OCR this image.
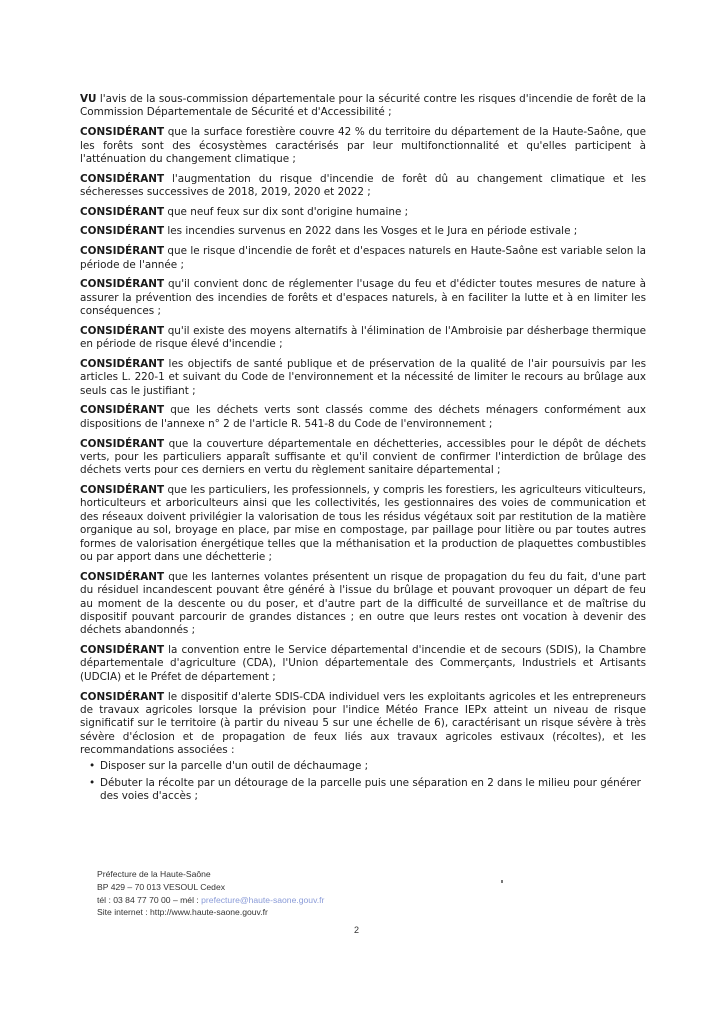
VU l'avis de la sous-commission départementale pour la sécurité contre les risques d'incendie de forêt de la Commission Départementale de Sécurité et d'Accessibilité ;

CONSIDÉRANT que la surface forestière couvre 42 % du territoire du département de la Haute-Saône, que les forêts sont des écosystèmes caractérisés par leur multifonctionnalité et qu'elles participent à l'atténuation du changement climatique ;

CONSIDÉRANT l'augmentation du risque d'incendie de forêt dû au changement climatique et les sécheresses successives de 2018, 2019, 2020 et 2022 ;

CONSIDÉRANT que neuf feux sur dix sont d'origine humaine ;

CONSIDÉRANT les incendies survenus en 2022 dans les Vosges et le Jura en période estivale ;

CONSIDÉRANT que le risque d'incendie de forêt et d'espaces naturels en Haute-Saône est variable selon la période de l'année ;

CONSIDÉRANT qu'il convient donc de réglementer l'usage du feu et d'édicter toutes mesures de nature à assurer la prévention des incendies de forêts et d'espaces naturels, à en faciliter la lutte et à en limiter les conséquences ;

CONSIDÉRANT qu'il existe des moyens alternatifs à l'élimination de l'Ambroisie par désherbage thermique en période de risque élevé d'incendie ;

CONSIDÉRANT les objectifs de santé publique et de préservation de la qualité de l'air poursuivis par les articles L. 220-1 et suivant du Code de l'environnement et la nécessité de limiter le recours au brûlage aux seuls cas le justifiant ;

CONSIDÉRANT que les déchets verts sont classés comme des déchets ménagers conformément aux dispositions de l'annexe n° 2 de l'article R. 541-8 du Code de l'environnement ;

CONSIDÉRANT que la couverture départementale en déchetteries, accessibles pour le dépôt de déchets verts, pour les particuliers apparaît suffisante et qu'il convient de confirmer l'interdiction de brûlage des déchets verts pour ces derniers en vertu du règlement sanitaire départemental ;

CONSIDÉRANT que les particuliers, les professionnels, y compris les forestiers, les agriculteurs viticulteurs, horticulteurs et arboriculteurs ainsi que les collectivités, les gestionnaires des voies de communication et des réseaux doivent privilégier la valorisation de tous les résidus végétaux soit par restitution de la matière organique au sol, broyage en place, par mise en compostage, par paillage pour litière ou par toutes autres formes de valorisation énergétique telles que la méthanisation et la production de plaquettes combustibles ou par apport dans une déchetterie ;

CONSIDÉRANT que les lanternes volantes présentent un risque de propagation du feu du fait, d'une part du résiduel incandescent pouvant être généré à l'issue du brûlage et pouvant provoquer un départ de feu au moment de la descente ou du poser, et d'autre part de la difficulté de surveillance et de maîtrise du dispositif pouvant parcourir de grandes distances ; en outre que leurs restes ont vocation à devenir des déchets abandonnés ;

CONSIDÉRANT la convention entre le Service départemental d'incendie et de secours (SDIS), la Chambre départementale d'agriculture (CDA), l'Union départementale des Commerçants, Industriels et Artisants (UDCIA) et le Préfet de département ;

CONSIDÉRANT le dispositif d'alerte SDIS-CDA individuel vers les exploitants agricoles et les entrepreneurs de travaux agricoles lorsque la prévision pour l'indice Météo France IEPx atteint un niveau de risque significatif sur le territoire (à partir du niveau 5 sur une échelle de 6), caractérisant un risque sévère à très sévère d'éclosion et de propagation de feux liés aux travaux agricoles estivaux (récoltes), et les recommandations associées :

• Disposer sur la parcelle d'un outil de déchaumage ;
• Débuter la récolte par un détourage de la parcelle puis une séparation en 2 dans le milieu pour générer des voies d'accès ;
Préfecture de la Haute-Saône
BP 429 – 70 013 VESOUL Cedex
tél : 03 84 77 70 00 – mél : prefecture@haute-saone.gouv.fr
Site internet : http://www.haute-saone.gouv.fr
2
